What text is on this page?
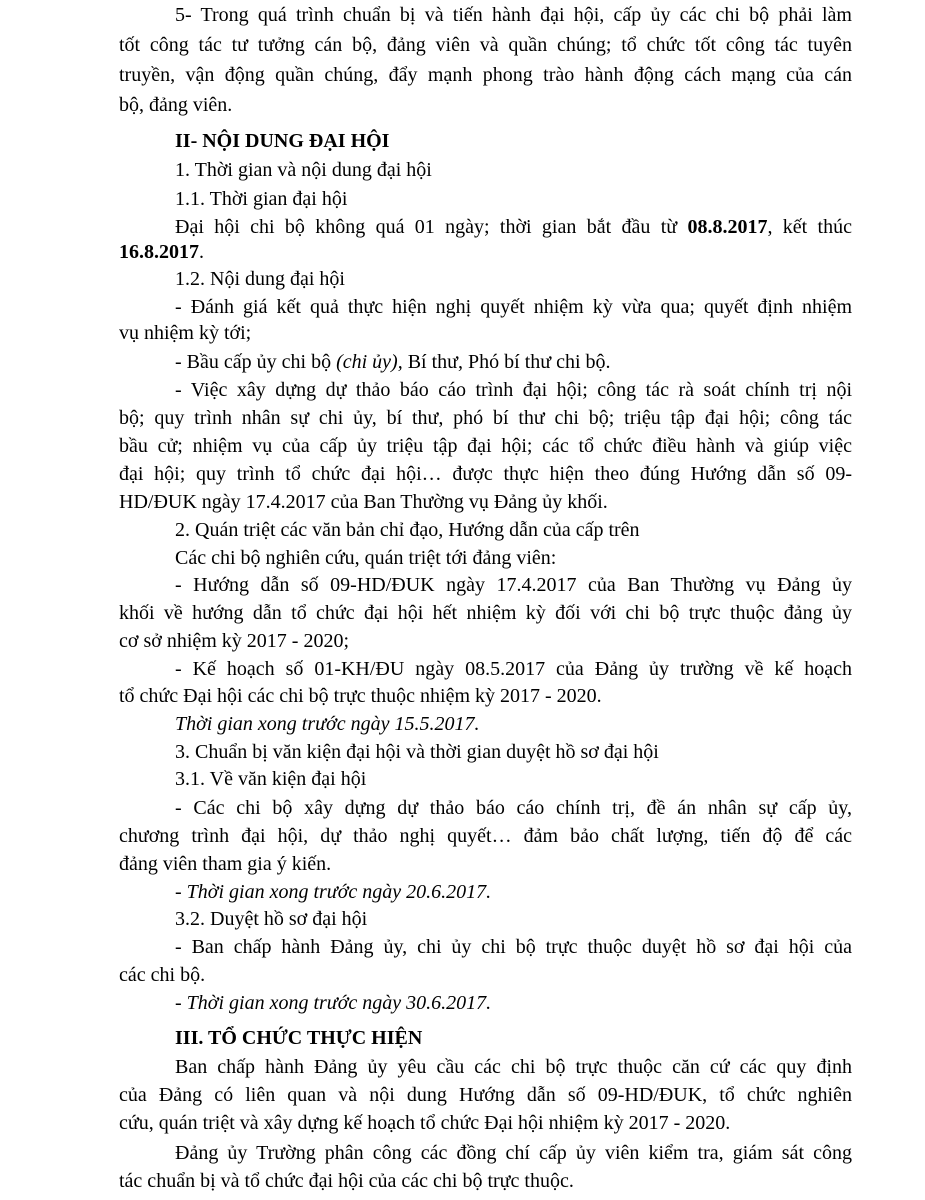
5- Trong quá trình chuẩn bị và tiến hành đại hội, cấp ủy các chi bộ phải làm

tốt công tác tư tưởng cán bộ, đảng viên và quần chúng; tổ chức tốt công tác tuyên

truyền, vận động quần chúng, đẩy mạnh phong trào hành động cách mạng của cán

bộ, đảng viên.

II- NỘI DUNG ĐẠI HỘI

1. Thời gian và nội dung đại hội

1.1. Thời gian đại hội

Đại hội chi bộ không quá 01 ngày; thời gian bắt đầu từ 08.8.2017, kết thúc

16.8.2017.

1.2. Nội dung đại hội

- Đánh giá kết quả thực hiện nghị quyết nhiệm kỳ vừa qua; quyết định nhiệm

vụ nhiệm kỳ tới;

- Bầu cấp ủy chi bộ (chi ủy), Bí thư, Phó bí thư chi bộ.

- Việc xây dựng dự thảo báo cáo trình đại hội; công tác rà soát chính trị nội

bộ; quy trình nhân sự chi ủy, bí thư, phó bí thư chi bộ; triệu tập đại hội; công tác

bầu cử; nhiệm vụ của cấp ủy triệu tập đại hội; các tổ chức điều hành và giúp việc

đại hội; quy trình tổ chức đại hội… được thực hiện theo đúng Hướng dẫn số 09-

HD/ĐUK ngày 17.4.2017 của Ban Thường vụ Đảng ủy khối.

2. Quán triệt các văn bản chỉ đạo, Hướng dẫn của cấp trên

Các chi bộ nghiên cứu, quán triệt tới đảng viên:

- Hướng dẫn số 09-HD/ĐUK ngày 17.4.2017 của Ban Thường vụ Đảng ủy

khối về hướng dẫn tổ chức đại hội hết nhiệm kỳ đối với chi bộ trực thuộc đảng ủy

cơ sở nhiệm kỳ 2017 - 2020;

- Kế hoạch số 01-KH/ĐU ngày 08.5.2017 của Đảng ủy trường về kế hoạch

tổ chức Đại hội các chi bộ trực thuộc nhiệm kỳ 2017 - 2020.

Thời gian xong trước ngày 15.5.2017.

3. Chuẩn bị văn kiện đại hội và thời gian duyệt hồ sơ đại hội

3.1. Về văn kiện đại hội

- Các chi bộ xây dựng dự thảo báo cáo chính trị, đề án nhân sự cấp ủy,

chương trình đại hội, dự thảo nghị quyết… đảm bảo chất lượng, tiến độ để các

đảng viên tham gia ý kiến.

- Thời gian xong trước ngày 20.6.2017.

3.2. Duyệt hồ sơ đại hội

- Ban chấp hành Đảng ủy, chi ủy chi bộ trực thuộc duyệt hồ sơ đại hội của

các chi bộ.

- Thời gian xong trước ngày 30.6.2017.

III. TỔ CHỨC THỰC HIỆN

Ban chấp hành Đảng ủy yêu cầu các chi bộ trực thuộc căn cứ các quy định

của Đảng có liên quan và nội dung Hướng dẫn số 09-HD/ĐUK, tổ chức nghiên

cứu, quán triệt và xây dựng kế hoạch tổ chức Đại hội nhiệm kỳ 2017 - 2020.

Đảng ủy Trường phân công các đồng chí cấp ủy viên kiểm tra, giám sát công

tác chuẩn bị và tổ chức đại hội của các chi bộ trực thuộc.
